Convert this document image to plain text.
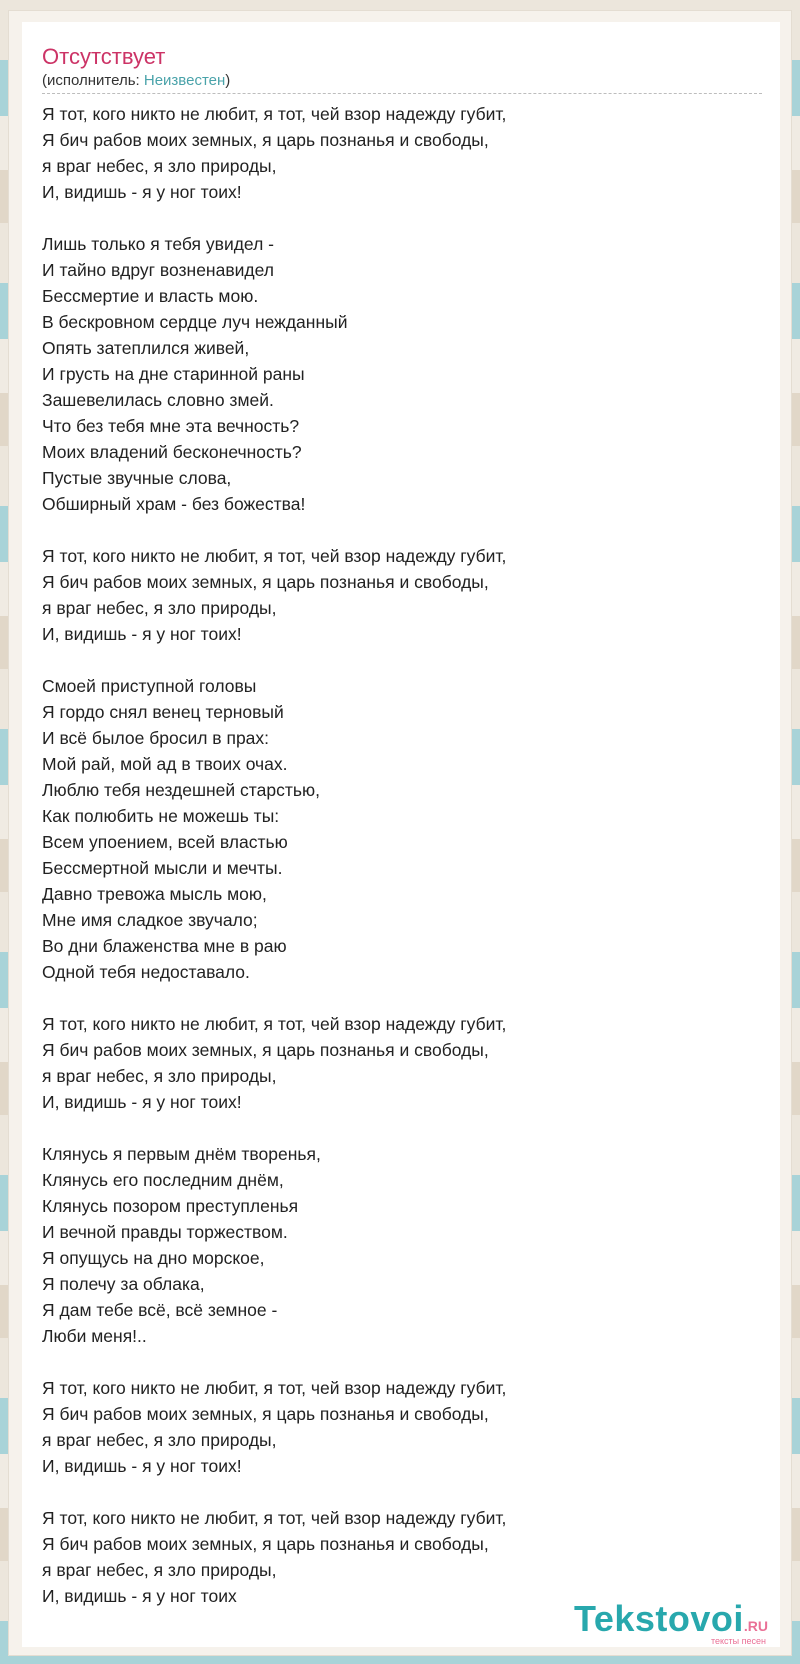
Отсутствует
(исполнитель: Неизвестен)
Я тот, кого никто не любит, я тот, чей взор надежду губит,
Я бич рабов моих земных, я царь познанья и свободы,
я враг небес, я зло природы,
И, видишь - я у ног тоих!

Лишь только я тебя увидел -
И тайно вдруг возненавидел
Бессмертие и власть мою.
В бескровном сердце луч нежданный
Опять затеплился живей,
И грусть на дне старинной раны
Зашевелилась словно змей.
Что без тебя мне эта вечность?
Моих владений бесконечность?
Пустые звучные слова,
Обширный храм - без божества!

Я тот, кого никто не любит, я тот, чей взор надежду губит,
Я бич рабов моих земных, я царь познанья и свободы,
я враг небес, я зло природы,
И, видишь - я у ног тоих!

Смоей приступной головы
Я гордо снял венец терновый
И всё былое бросил в прах:
Мой рай, мой ад в твоих очах.
Люблю тебя нездешней старстью,
Как полюбить не можешь ты:
Всем упоением, всей властью
Бессмертной мысли и мечты.
Давно тревожа мысль мою,
Мне имя сладкое звучало;
Во дни блаженства мне в раю
Одной тебя недоставало.

Я тот, кого никто не любит, я тот, чей взор надежду губит,
Я бич рабов моих земных, я царь познанья и свободы,
я враг небес, я зло природы,
И, видишь - я у ног тоих!

Клянусь я первым днём творенья,
Клянусь его последним днём,
Клянусь позором преступленья
И вечной правды торжеством.
Я опущусь на дно морское,
Я полечу за облака,
Я дам тебе всё, всё земное -
Люби меня!..

Я тот, кого никто не любит, я тот, чей взор надежду губит,
Я бич рабов моих земных, я царь познанья и свободы,
я враг небес, я зло природы,
И, видишь - я у ног тоих!

Я тот, кого никто не любит, я тот, чей взор надежду губит,
Я бич рабов моих земных, я царь познанья и свободы,
я враг небес, я зло природы,
И, видишь - я у ног тоих
Tekstovoi.RU
тексты песен
